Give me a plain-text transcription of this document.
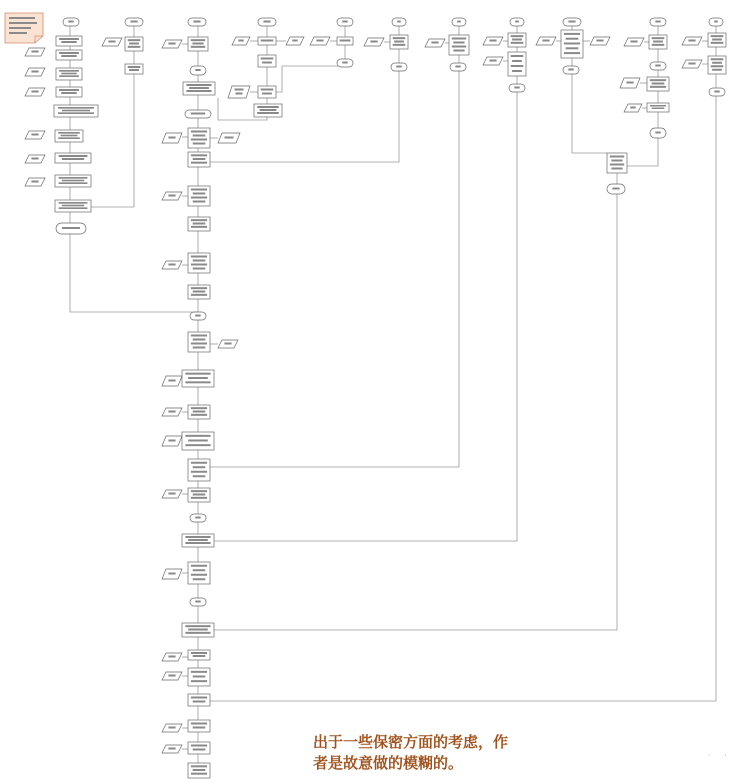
出于一些保密方面的考虑，作
者是故意做的模糊的。	· ·
